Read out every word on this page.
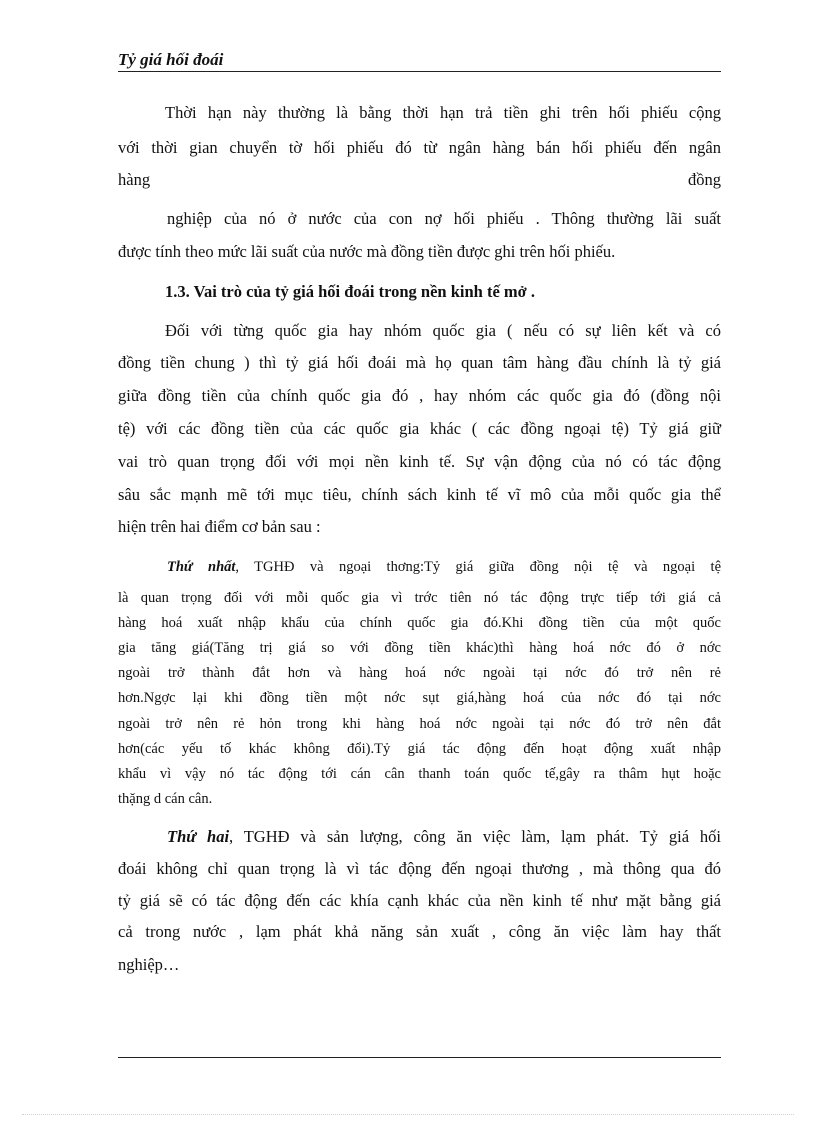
Tỷ giá hối đoái
Thời hạn này thường là bằng thời hạn trả tiền ghi trên hối phiếu cộng
với thời gian chuyển tờ hối phiếu đó từ ngân hàng bán hối phiếu đến ngân
hàng	đồng
nghiệp của nó ở nước của con nợ hối phiếu . Thông thường lãi suất
được tính theo mức lãi suất của nước mà đồng tiền được ghi trên hối phiếu.
1.3. Vai trò của tỷ giá hối đoái trong nền kinh tế mở .
Đối với từng quốc gia hay nhóm quốc gia ( nếu có sự liên kết và có
đồng tiền chung ) thì tỷ giá hối đoái mà họ quan tâm hàng đầu chính là tỷ giá
giữa đồng tiền của chính quốc gia đó , hay nhóm các quốc gia đó (đồng nội
tệ) với các đồng tiền của các quốc gia khác ( các đồng ngoại tệ) Tỷ giá giữ
vai trò quan trọng đối với mọi nền kinh tế. Sự vận động của nó có tác động
sâu sắc mạnh mẽ tới mục tiêu, chính sách kinh tế vĩ mô của mỗi quốc gia thể
hiện trên hai điểm cơ bản sau :
Thứ nhất, TGHĐ và ngoại thơng:Tỷ giá giữa đồng nội tệ và ngoại tệ
là quan trọng đối với mỗi quốc gia vì trớc tiên nó tác động trực tiếp tới giá cả
hàng hoá xuất nhập khẩu của chính quốc gia đó.Khi đồng tiền của một quốc
gia tăng giá(Tăng trị giá so với đồng tiền khác)thì hàng hoá nớc đó ở nớc
ngoài trở thành đắt hơn và hàng hoá nớc ngoài tại nớc đó trở nên rẻ
hơn.Ngợc lại khi đồng tiền một nớc sụt giá,hàng hoá của nớc đó tại nớc
ngoài trở nên rẻ hỏn trong khi hàng hoá nớc ngoài tại nớc đó trở nên đắt
hơn(các yếu tố khác không đổi).Tỷ giá tác động đến hoạt động xuất nhập
khẩu vì vậy nó tác động tới cán cân thanh toán quốc tế,gây ra thâm hụt hoặc
thặng d cán cân.
Thứ hai, TGHĐ và sản lượng, công ăn việc làm, lạm phát. Tỷ giá hối
đoái không chỉ quan trọng là vì tác động đến ngoại thương , mà thông qua đó
tỷ giá sẽ có tác động đến các khía cạnh khác của nền kinh tế như mặt bằng giá
cả trong nước , lạm phát khả năng sản xuất , công ăn việc làm hay thất
nghiệp…
